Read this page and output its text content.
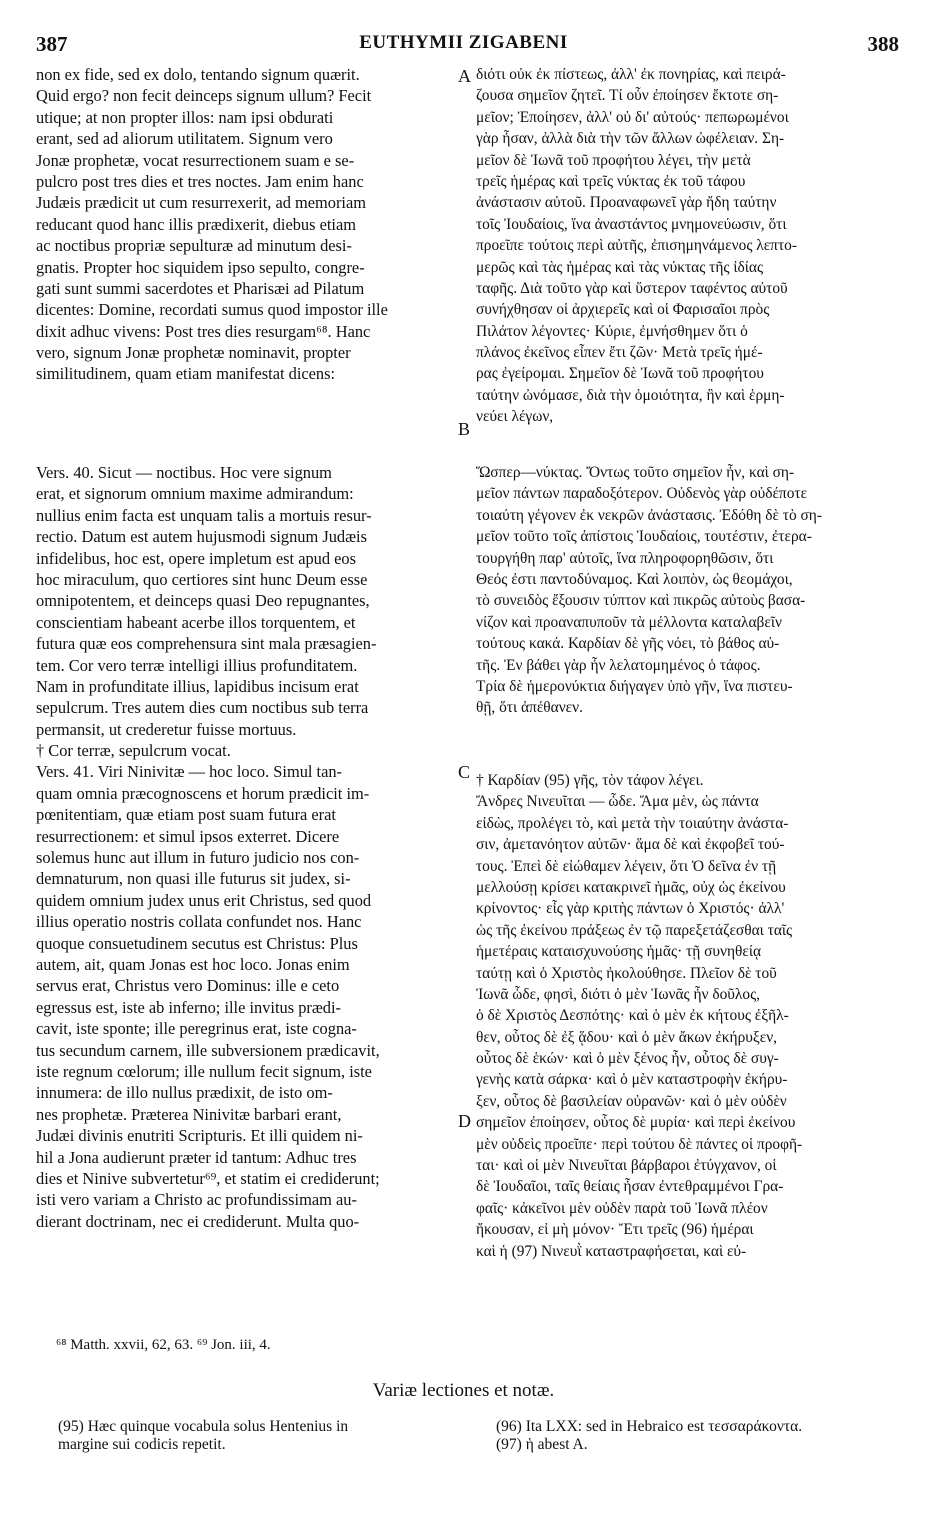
387	EUTHYMII ZIGABENI	388
non ex fide, sed ex dolo, tentando signum quærit.
Quid ergo? non fecit deinceps signum ullum? Fecit
utique; at non propter illos: nam ipsi obdurati
erant, sed ad aliorum utilitatem. Signum vero
Jonæ prophetæ, vocat resurrectionem suam e se-
pulcro post tres dies et tres noctes. Jam enim hanc
Judæis prædicit ut cum resurrexerit, ad memoriam
reducant quod hanc illis prædixerit, diebus etiam
ac noctibus propriæ sepulturæ ad minutum desi-
gnatis. Propter hoc siquidem ipso sepulto, congre-
gati sunt summi sacerdotes et Pharisæi ad Pilatum
dicentes: Domine, recordati sumus quod impostor ille
dixit adhuc vivens: Post tres dies resurgam⁶⁸. Hanc
vero, signum Jonæ prophetæ nominavit, propter
similitudinem, quam etiam manifestat dicens:
Vers. 40. Sicut — noctibus. Hoc vere signum
erat, et signorum omnium maxime admirandum:
nullius enim facta est unquam talis a mortuis resur-
rectio. Datum est autem hujusmodi signum Judæis
infidelibus, hoc est, opere impletum est apud eos
hoc miraculum, quo certiores sint hunc Deum esse
omnipotentem, et deinceps quasi Deo repugnantes,
conscientiam habeant acerbe illos torquentem, et
futura quæ eos comprehensura sint mala præsagien-
tem. Cor vero terræ intelligi illius profunditatem.
Nam in profunditate illius, lapidibus incisum erat
sepulcrum. Tres autem dies cum noctibus sub terra
permansit, ut crederetur fuisse mortuus.
† Cor terræ, sepulcrum vocat.
Vers. 41. Viri Ninivitæ — hoc loco. Simul tan-
quam omnia præcognoscens et horum prædicit im-
pœnitentiam, quæ etiam post suam futura erat
resurrectionem: et simul ipsos exterret. Dicere
solemus hunc aut illum in futuro judicio nos con-
demnaturum, non quasi ille futurus sit judex, si-
quidem omnium judex unus erit Christus, sed quod
illius operatio nostris collata confundet nos. Hanc
quoque consuetudinem secutus est Christus: Plus
autem, ait, quam Jonas est hoc loco. Jonas enim
servus erat, Christus vero Dominus: ille e ceto
egressus est, iste ab inferno; ille invitus prædi-
cavit, iste sponte; ille peregrinus erat, iste cogna-
tus secundum carnem, ille subversionem prædicavit,
iste regnum cœlorum; ille nullum fecit signum, iste
innumera: de illo nullus prædixit, de isto om-
nes prophetæ. Præterea Ninivitæ barbari erant,
Judæi divinis enutriti Scripturis. Et illi quidem ni-
hil a Jona audierunt præter id tantum: Adhuc tres
dies et Ninive subvertetur⁶⁹, et statim ei crediderunt;
isti vero variam a Christo ac profundissimam au-
dierant doctrinam, nec ei crediderunt. Multa quo-
διότι οὐκ ἐκ πίστεως, ἀλλ' ἐκ πονηρίας, καὶ πειρά-
ζουσα σημεῖον ζητεῖ. Τί οὖν ἐποίησεν ἔκτοτε ση-
μεῖον; Ἐποίησεν, ἀλλ' οὐ δι' αὐτούς· πεπωρωμένοι
γὰρ ἦσαν, ἀλλὰ διὰ τὴν τῶν ἄλλων ὠφέλειαν. Ση-
μεῖον δὲ Ἰωνᾶ τοῦ προφήτου λέγει, τὴν μετὰ
τρεῖς ἡμέρας καὶ τρεῖς νύκτας ἐκ τοῦ τάφου
ἀνάστασιν αὐτοῦ. Προαναφωνεῖ γὰρ ἤδη ταύτην
τοῖς Ἰουδαίοις, ἵνα ἀναστάντος μνημονεύωσιν, ὅτι
προεῖπε τούτοις περὶ αὐτῆς, ἐπισημηνάμενος λεπτο-
μερῶς καὶ τὰς ἡμέρας καὶ τὰς νύκτας τῆς ἰδίας
ταφῆς. Διὰ τοῦτο γὰρ καὶ ὕστερον ταφέντος αὐτοῦ
συνήχθησαν οἱ ἀρχιερεῖς καὶ οἱ Φαρισαῖοι πρὸς
Πιλάτον λέγοντες· Κύριε, ἐμνήσθημεν ὅτι ὁ
πλάνος ἐκεῖνος εἶπεν ἔτι ζῶν· Μετὰ τρεῖς ἡμέ-
ρας ἐγείρομαι. Σημεῖον δὲ Ἰωνᾶ τοῦ προφήτου
ταύτην ὠνόμασε, διὰ τὴν ὁμοιότητα, ἣν καὶ ἑρμη-
νεύει λέγων,
Ὥσπερ—νύκτας. Ὄντως τοῦτο σημεῖον ἦν, καὶ ση-
μεῖον πάντων παραδοξότερον. Οὐδενὸς γὰρ οὐδέποτε
τοιαύτη γέγονεν ἐκ νεκρῶν ἀνάστασις. Ἐδόθη δὲ τὸ ση-
μεῖον τοῦτο τοῖς ἀπίστοις Ἰουδαίοις, τουτέστιν, ἐτερα-
τουργήθη παρ' αὐτοῖς, ἵνα πληροφορηθῶσιν, ὅτι
Θεός ἐστι παντοδύναμος. Καὶ λοιπὸν, ὡς θεομάχοι,
τὸ συνειδὸς ἔξουσιν τύπτον καὶ πικρῶς αὐτοὺς βασα-
νίζον καὶ προαναπυποῦν τὰ μέλλοντα καταλαβεῖν
τούτους κακά. Καρδίαν δὲ γῆς νόει, τὸ βάθος αὐ-
τῆς. Ἐν βάθει γὰρ ἦν λελατομημένος ὁ τάφος.
Τρία δὲ ἡμερονύκτια διήγαγεν ὑπὸ γῆν, ἵνα πιστευ-
θῇ, ὅτι ἀπέθανεν.
† Καρδίαν (95) γῆς, τὸν τάφον λέγει.
Ἄνδρες Νινευῖται — ὧδε. Ἅμα μὲν, ὡς πάντα
εἰδὼς, προλέγει τὸ, καὶ μετὰ τὴν τοιαύτην ἀνάστα-
σιν, ἀμετανόητον αὐτῶν· ἅμα δὲ καὶ ἐκφοβεῖ τού-
τους. Ἐπεὶ δὲ εἰώθαμεν λέγειν, ὅτι Ὁ δεῖνα ἐν τῇ
μελλούσῃ κρίσει κατακρινεῖ ἡμᾶς, οὐχ ὡς ἐκείνου
κρίνοντος· εἷς γὰρ κριτὴς πάντων ὁ Χριστός· ἀλλ'
ὡς τῆς ἐκείνου πράξεως ἐν τῷ παρεξετάζεσθαι ταῖς
ἡμετέραις καταισχυνούσης ἡμᾶς· τῇ συνηθείᾳ
ταύτῃ καὶ ὁ Χριστὸς ἠκολούθησε. Πλεῖον δὲ τοῦ
Ἰωνᾶ ὧδε, φησὶ, διότι ὁ μὲν Ἰωνᾶς ἦν δοῦλος,
ὁ δὲ Χριστὸς Δεσπότης· καὶ ὁ μὲν ἐκ κήτους ἐξῆλ-
θεν, οὗτος δὲ ἐξ ᾅδου· καὶ ὁ μὲν ἄκων ἐκήρυξεν,
οὗτος δὲ ἑκών· καὶ ὁ μὲν ξένος ἦν, οὗτος δὲ συγ-
γενὴς κατὰ σάρκα· καὶ ὁ μὲν καταστροφὴν ἐκήρυ-
ξεν, οὗτος δὲ βασιλείαν οὐρανῶν· καὶ ὁ μὲν οὐδὲν
σημεῖον ἐποίησεν, οὗτος δὲ μυρία· καὶ περὶ ἐκείνου
μὲν οὐδεὶς προεῖπε· περὶ τούτου δὲ πάντες οἱ προφῆ-
ται· καὶ οἱ μὲν Νινευῖται βάρβαροι ἐτύγχανον, οἱ
δὲ Ἰουδαῖοι, ταῖς θείαις ἦσαν ἐντεθραμμένοι Γρα-
φαῖς· κἀκεῖνοι μὲν οὐδὲν παρὰ τοῦ Ἰωνᾶ πλέον
ἤκουσαν, εἰ μὴ μόνον· Ἔτι τρεῖς (96) ἡμέραι
καὶ ἡ (97) Νινευῒ καταστραφήσεται, καὶ εὐ-
A
B
C
D
⁶⁸ Matth. xxvii, 62, 63. ⁶⁹ Jon. iii, 4.
Variæ lectiones et notæ.
(95) Hæc quinque vocabula solus Hentenius in
margine sui codicis repetit.
(96) Ita LXX: sed in Hebraico est τεσσαράκοντα.
(97) ἡ abest A.
